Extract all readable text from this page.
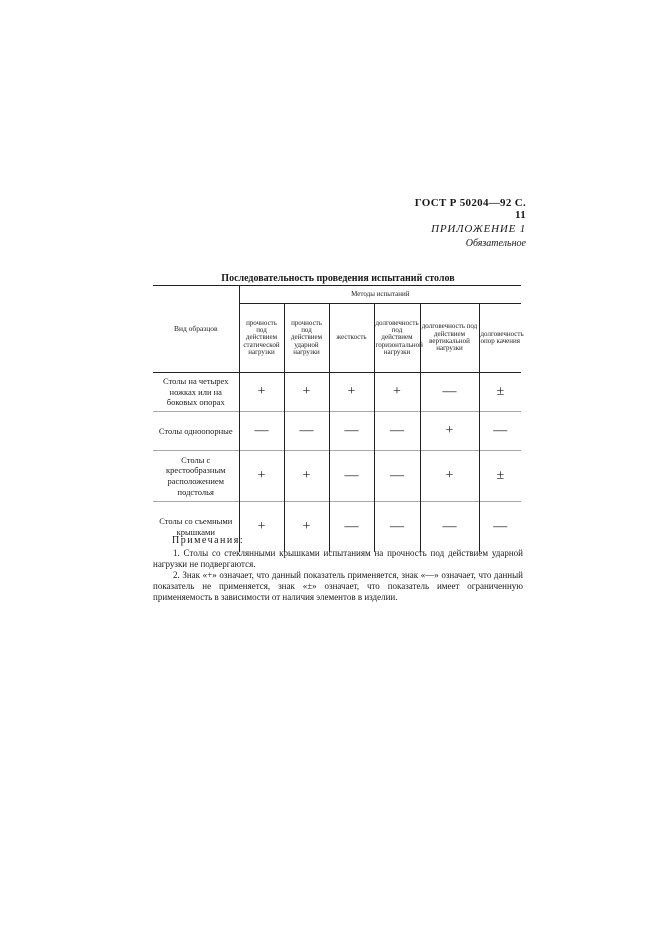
ГОСТ Р 50204—92 С. 11
ПРИЛОЖЕНИЕ 1
Обязательное
Последовательность проведения испытаний столов
Вид образцов	Методы испытаний					
	прочность под действием статической нагрузки	прочность под действием ударной нагрузки	жесткость	долговечность под действием горизонтальной нагрузки	долговечность под действием вертикальной нагрузки	долговечность опор качения
Столы на четырех ножках или на боковых опорах	+	+	+	+	—	±
Столы одноопорные	—	—	—	—	+	—
Столы с крестообразным расположением подстолья	+	+	—	—	+	±
Столы со съемными крышками	+	+	—	—	—	—
Примечания:
1. Столы со стеклянными крышками испытаниям на прочность под действием ударной нагрузки не подвергаются.
2. Знак «+» означает, что данный показатель применяется, знак «—» означает, что данный показатель не применяется, знак «±» означает, что показатель имеет ограниченную применяемость в зависимости от наличия элементов в изделии.
